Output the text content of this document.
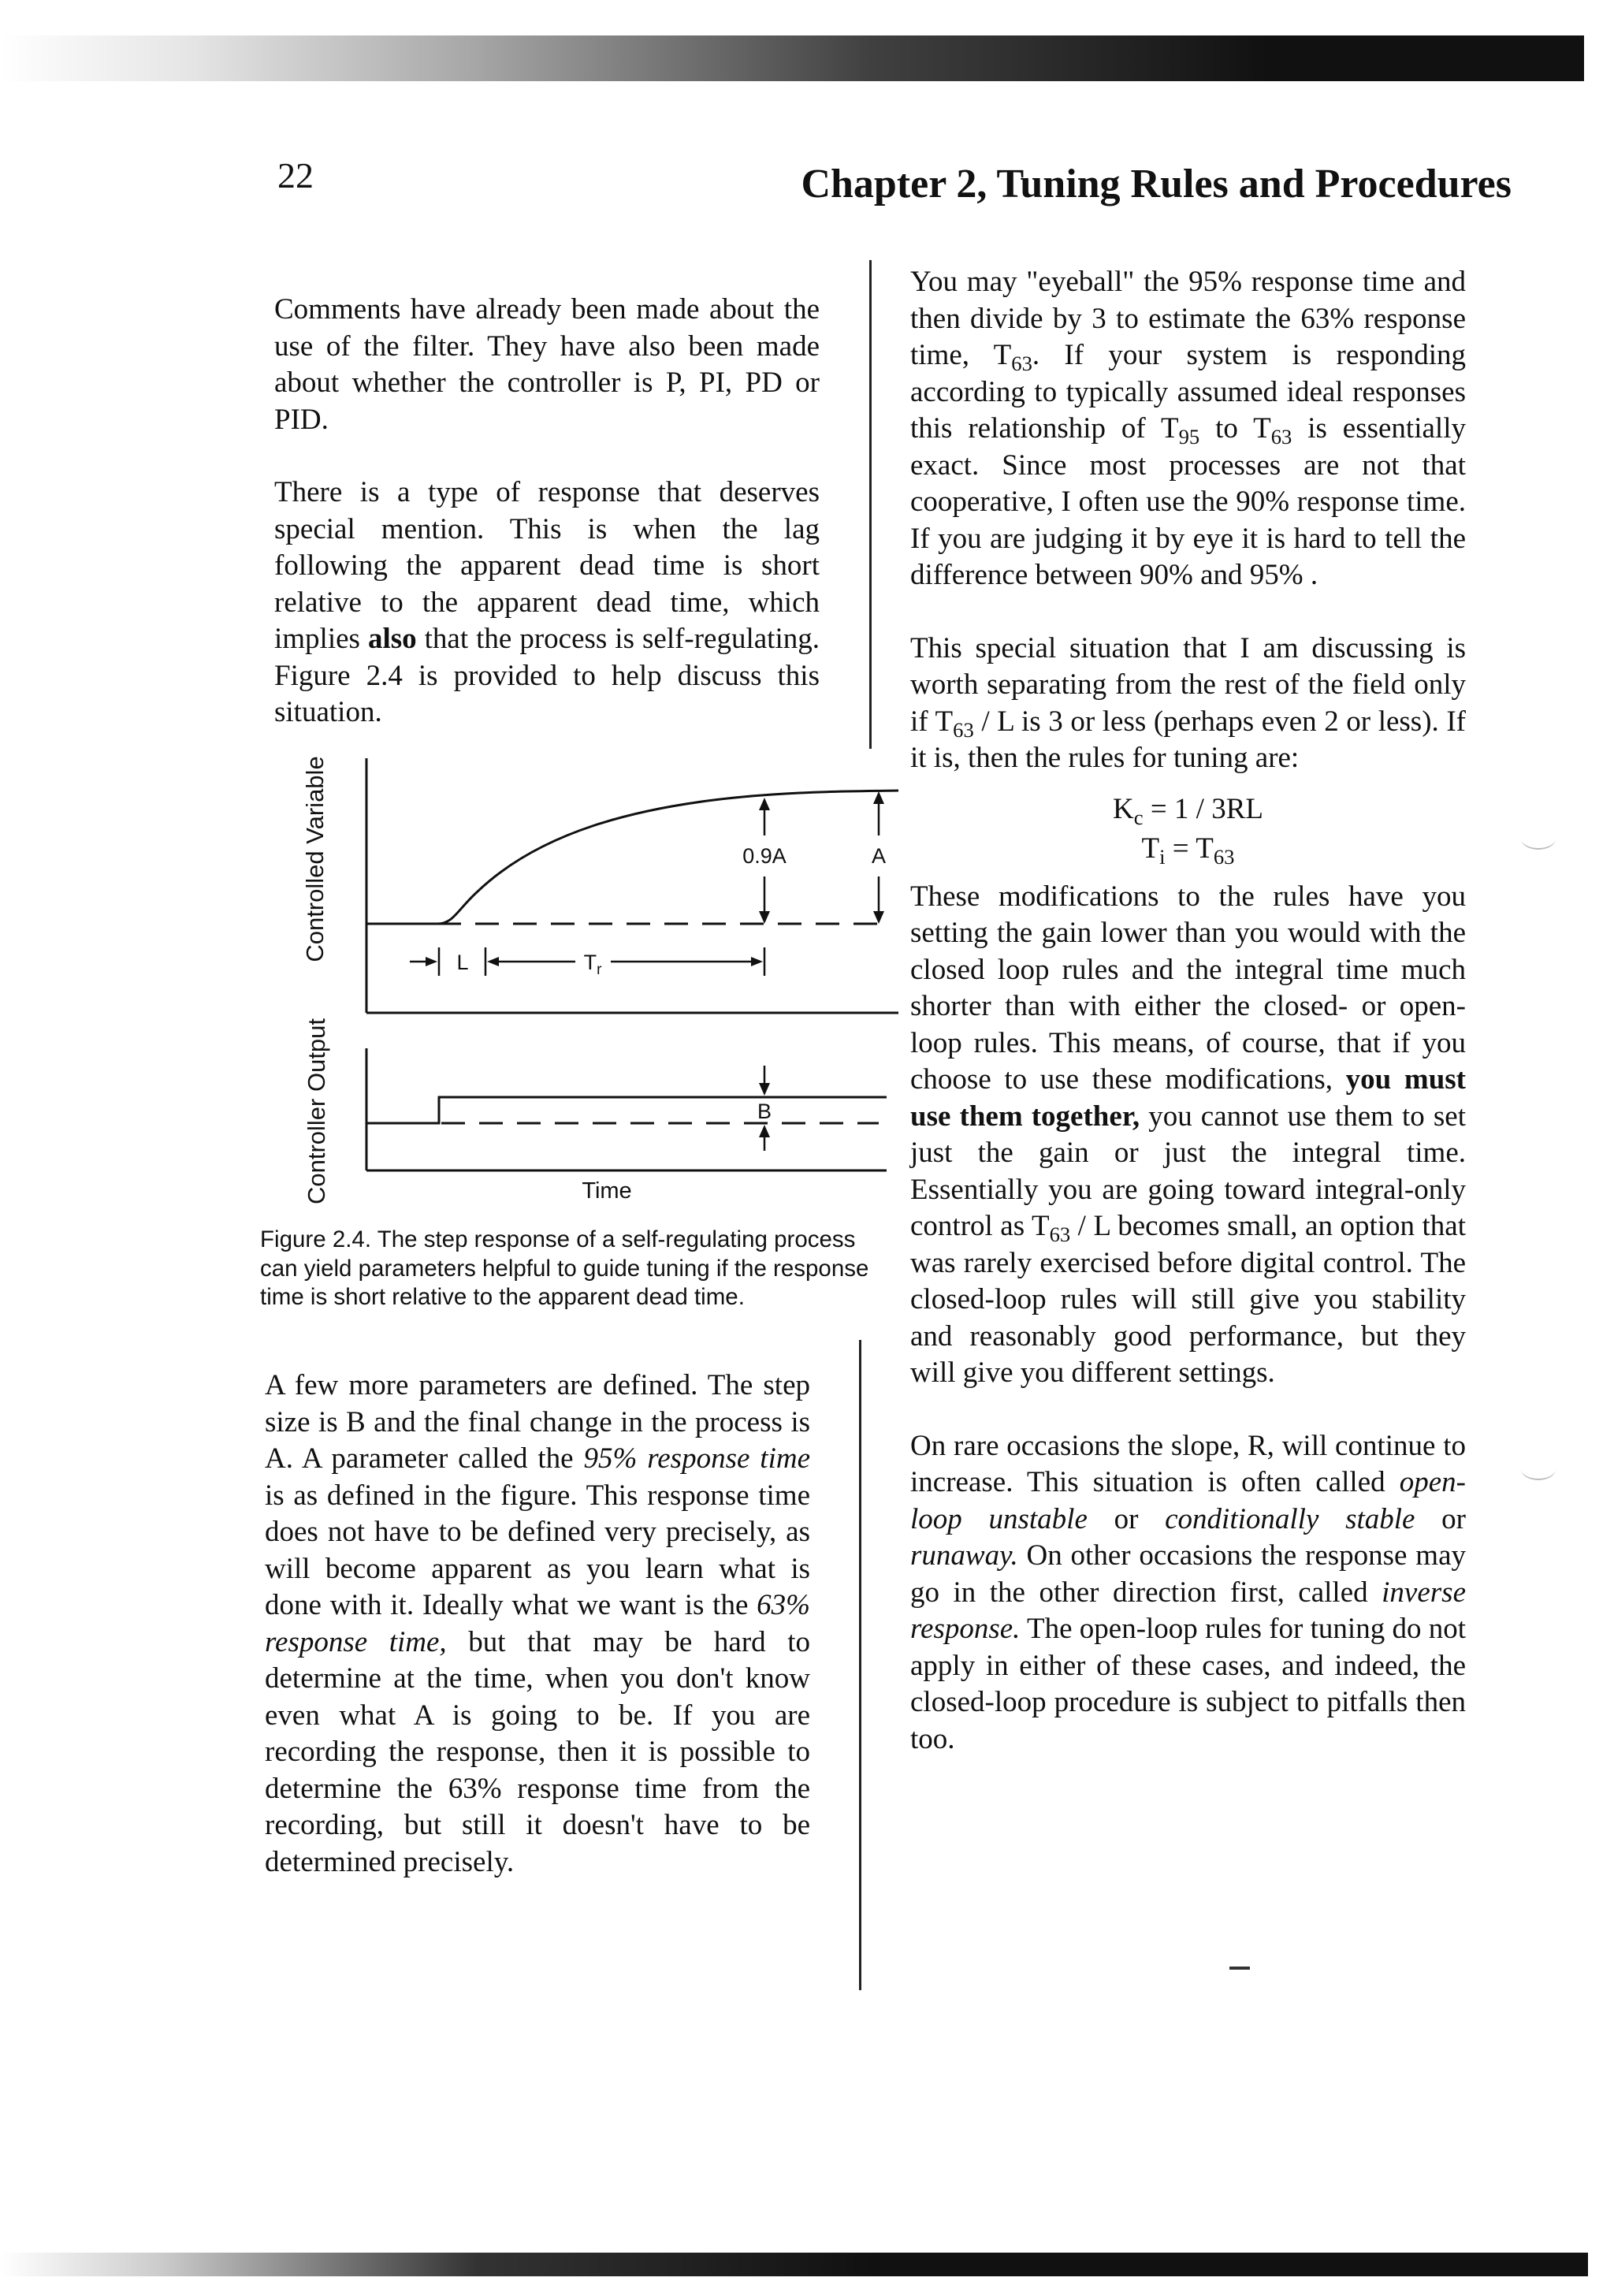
22	Chapter 2, Tuning Rules and Procedures

Comments have already been made about the use of the filter. They have also been made about whether the controller is P, PI, PD or PID.

There is a type of response that deserves special mention. This is when the lag following the apparent dead time is short relative to the apparent dead time, which implies also that the process is self-regulating. Figure 2.4 is provided to help discuss this situation.

Controlled Variable
Controller Output
0.9A	A
L	$T_r$
B
Time

Figure 2.4. The step response of a self-regulating process can yield parameters helpful to guide tuning if the response time is short relative to the apparent dead time.

A few more parameters are defined. The step size is B and the final change in the process is A. A parameter called the 95% response time is as defined in the figure. This response time does not have to be defined very precisely, as will become apparent as you learn what is done with it. Ideally what we want is the 63% response time, but that may be hard to determine at the time, when you don't know even what A is going to be. If you are recording the response, then it is possible to determine the 63% response time from the recording, but still it doesn't have to be determined precisely.

You may "eyeball" the 95% response time and then divide by 3 to estimate the 63% response time, $T_{63}$. If your system is responding according to typically assumed ideal responses this relationship of $T_{95}$ to $T_{63}$ is essentially exact. Since most processes are not that cooperative, I often use the 90% response time. If you are judging it by eye it is hard to tell the difference between 90% and 95% .

This special situation that I am discussing is worth separating from the rest of the field only if $T_{63}$ / L is 3 or less (perhaps even 2 or less). If it is, then the rules for tuning are:

$K_c = 1 / 3RL$

$T_i = T_{63}$

These modifications to the rules have you setting the gain lower than you would with the closed loop rules and the integral time much shorter than with either the closed- or open-loop rules. This means, of course, that if you choose to use these modifications, you must use them together, you cannot use them to set just the gain or just the integral time. Essentially you are going toward integral-only control as $T_{63}$ / L becomes small, an option that was rarely exercised before digital control. The closed-loop rules will still give you stability and reasonably good performance, but they will give you different settings.

On rare occasions the slope, R, will continue to increase. This situation is often called open-loop unstable or conditionally stable or runaway. On other occasions the response may go in the other direction first, called inverse response. The open-loop rules for tuning do not apply in either of these cases, and indeed, the closed-loop procedure is subject to pitfalls then too.
